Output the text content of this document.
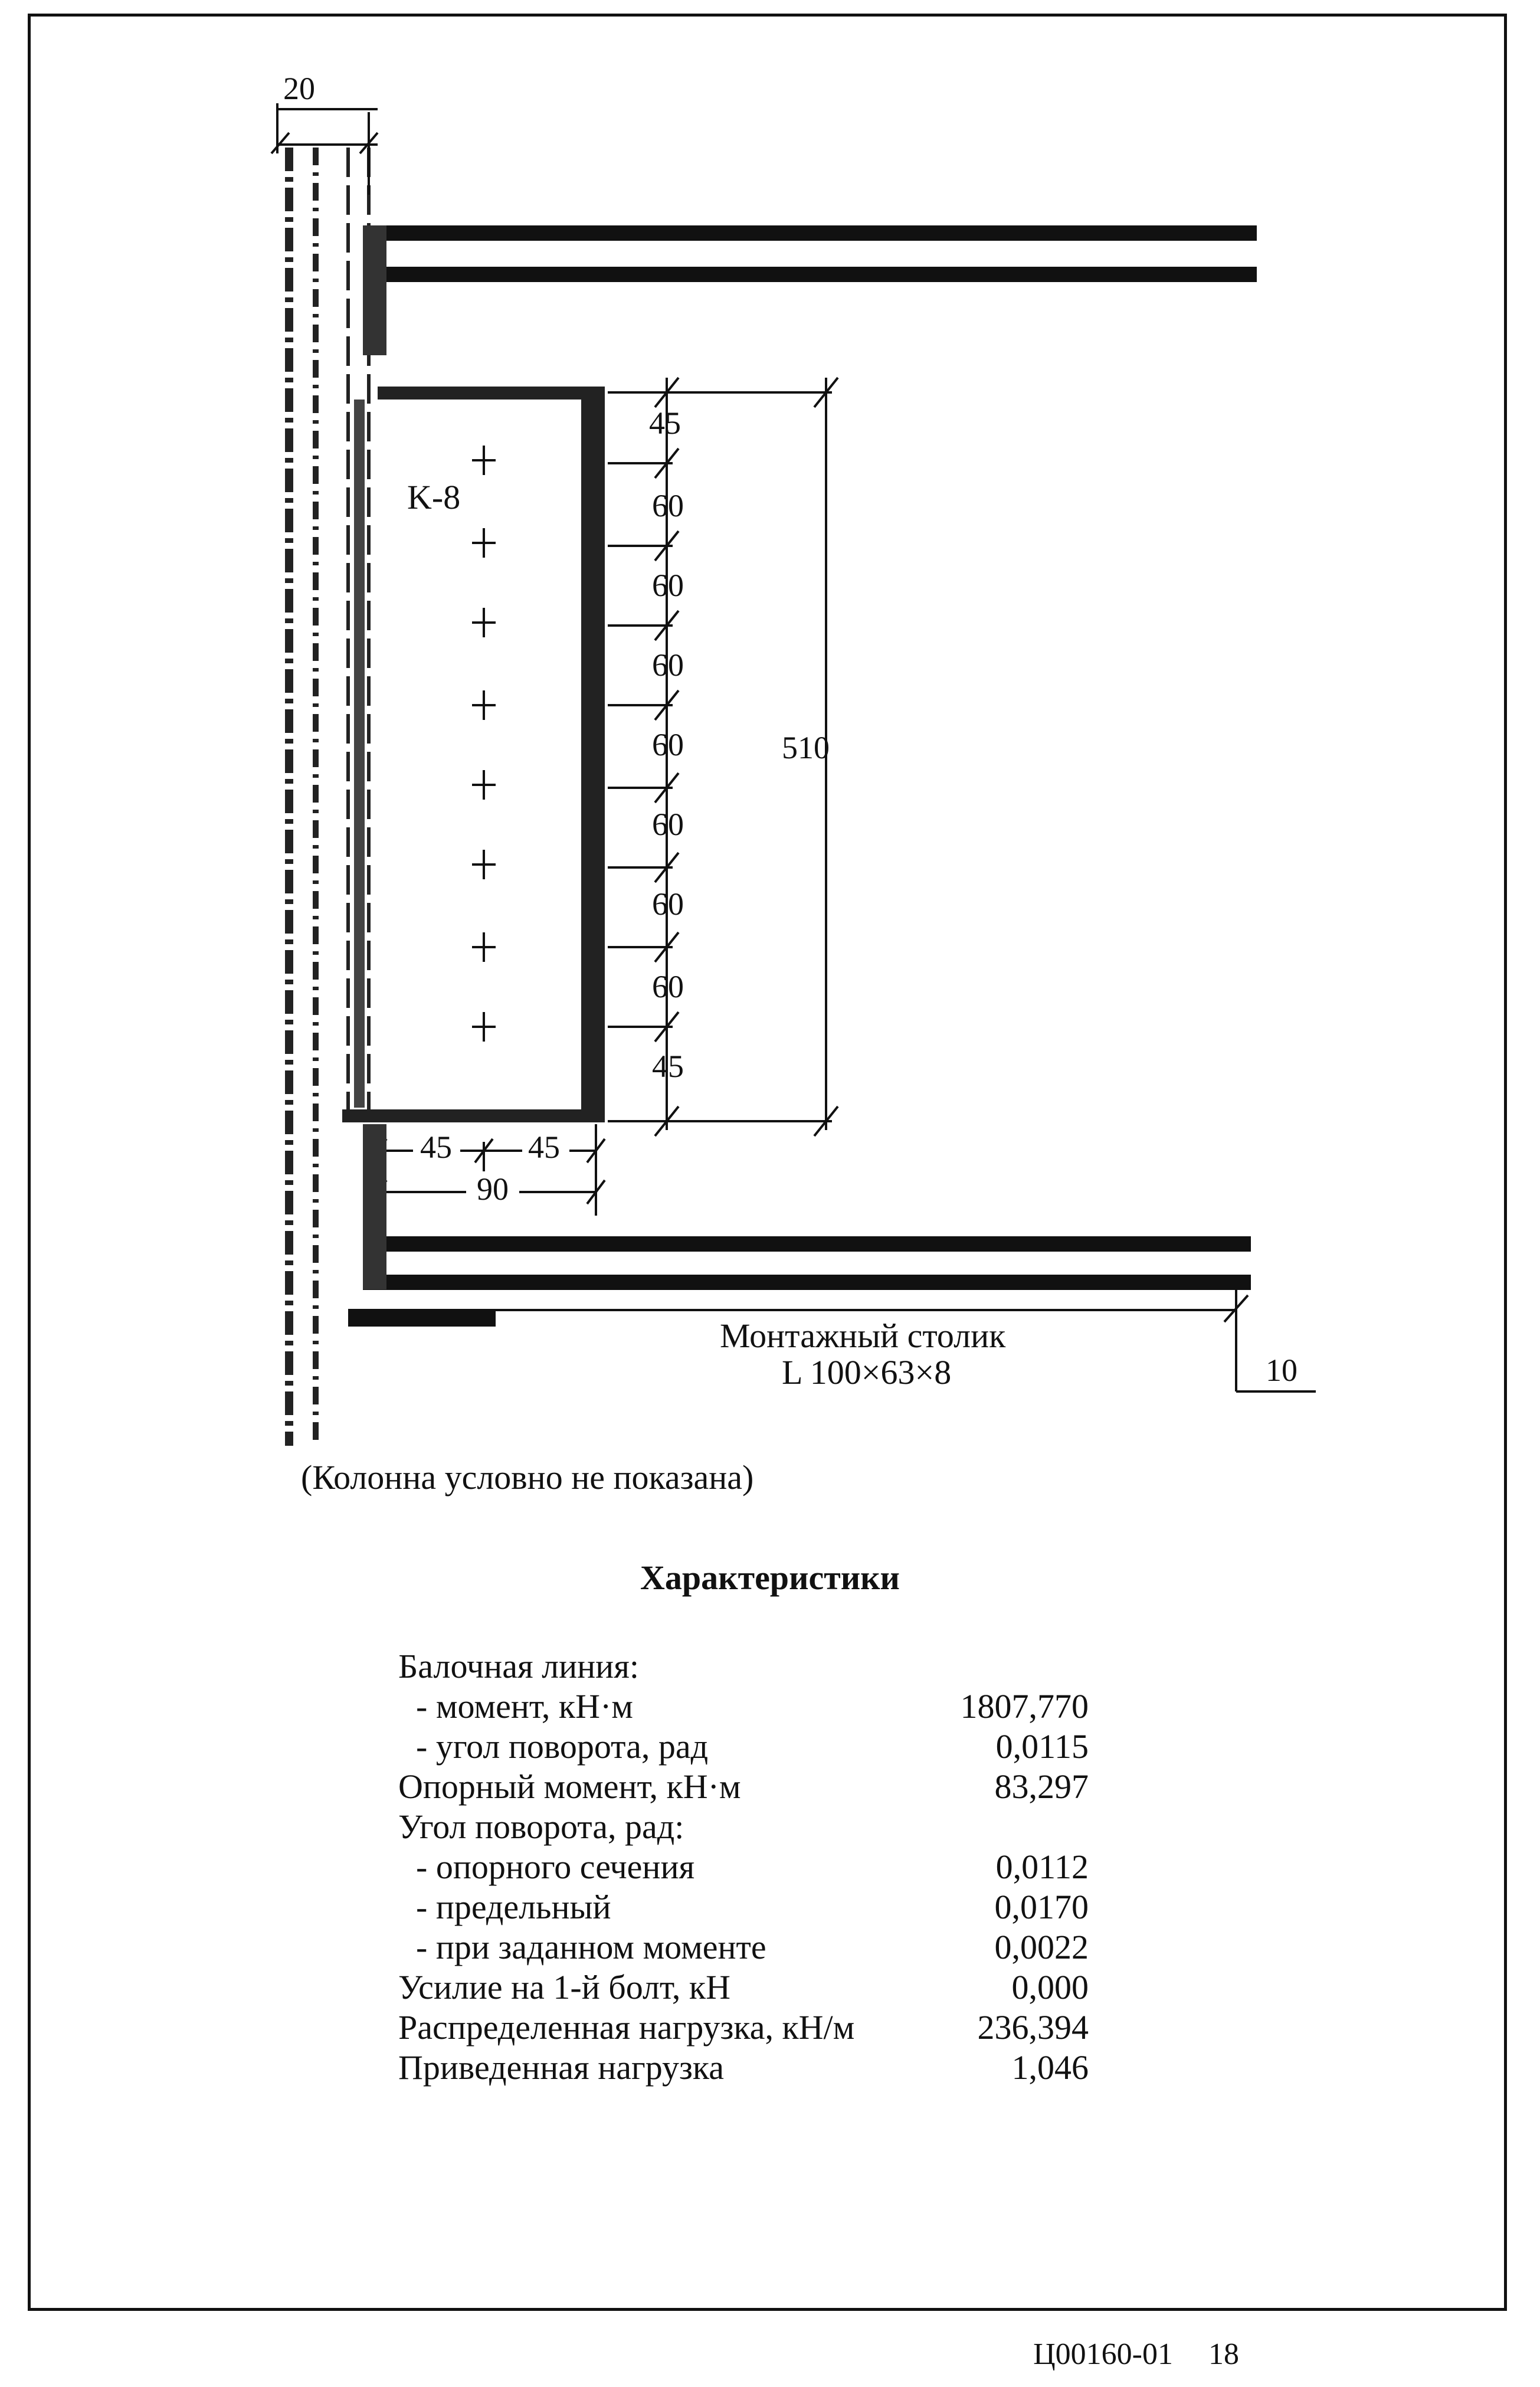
20
K-8
45
60
60
60
60
60
60
60
45
510
45 45
90
Монтажный столик
L 100×63×8	10
(Колонна условно не показана)
Характеристики
Балочная линия:
- момент, кН·м	1807,770
- угол поворота, рад	0,0115
Опорный момент, кН·м	83,297
Угол поворота, рад:
- опорного сечения	0,0112
- предельный	0,0170
- при заданном моменте	0,0022
Усилие на 1-й болт, кН	0,000
Распределенная нагрузка, кН/м	236,394
Приведенная нагрузка	1,046
Ц00160-01 18
